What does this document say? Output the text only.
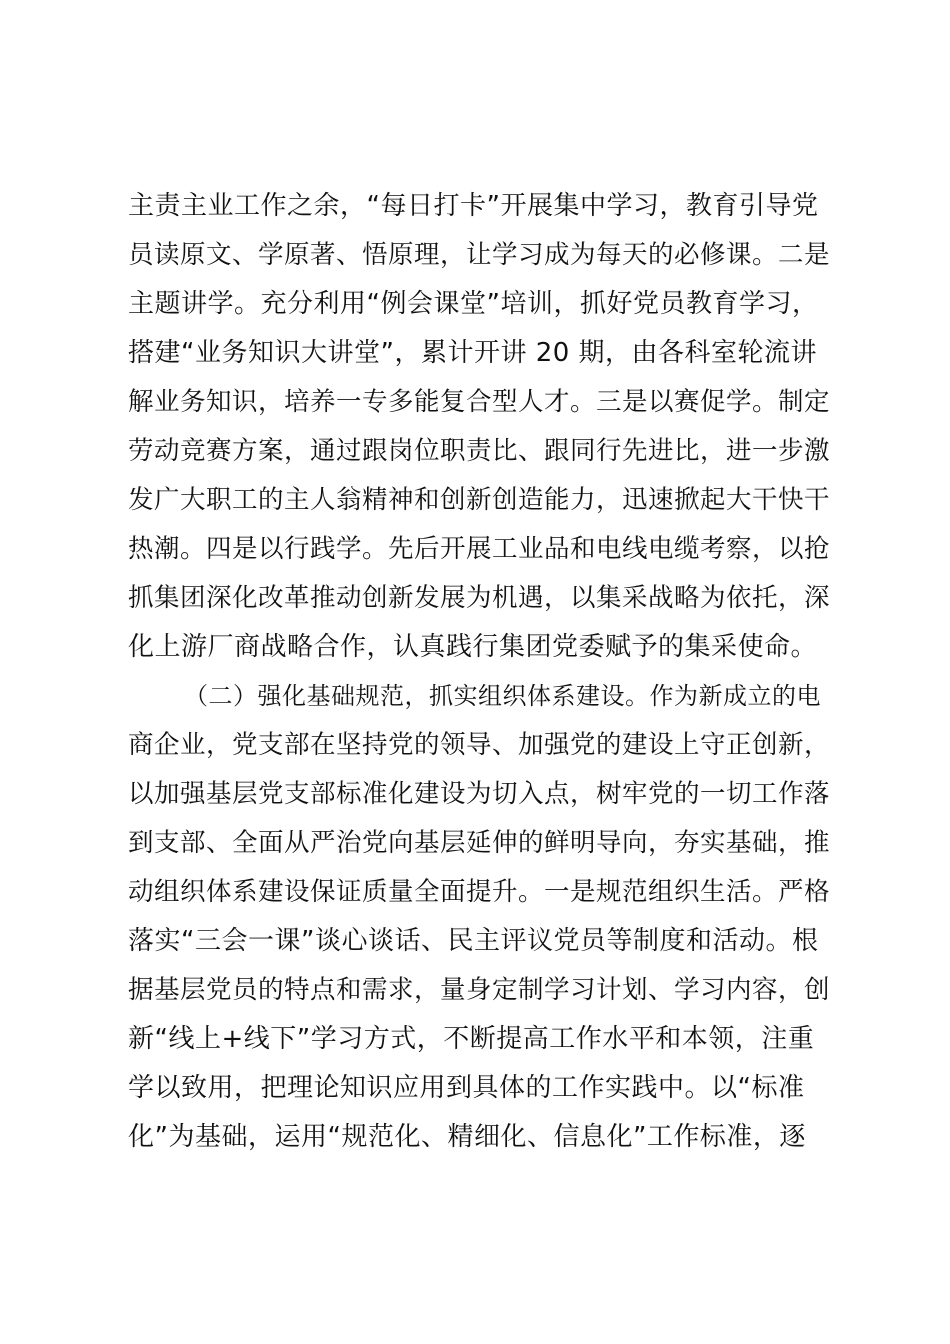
主责主业工作之余，“每日打卡”开展集中学习，教育引导党
员读原文、学原著、悟原理，让学习成为每天的必修课。二是
主题讲学。充分利用“例会课堂”培训，抓好党员教育学习，
搭建“业务知识大讲堂”，累计开讲 20 期，由各科室轮流讲
解业务知识，培养一专多能复合型人才。三是以赛促学。制定
劳动竞赛方案，通过跟岗位职责比、跟同行先进比，进一步激
发广大职工的主人翁精神和创新创造能力，迅速掀起大干快干
热潮。四是以行践学。先后开展工业品和电线电缆考察，以抢
抓集团深化改革推动创新发展为机遇，以集采战略为依托，深
化上游厂商战略合作，认真践行集团党委赋予的集采使命。
（二）强化基础规范，抓实组织体系建设。作为新成立的电
商企业，党支部在坚持党的领导、加强党的建设上守正创新，
以加强基层党支部标准化建设为切入点，树牢党的一切工作落
到支部、全面从严治党向基层延伸的鲜明导向，夯实基础，推
动组织体系建设保证质量全面提升。一是规范组织生活。严格
落实“三会一课”谈心谈话、民主评议党员等制度和活动。根
据基层党员的特点和需求，量身定制学习计划、学习内容，创
新“线上+线下”学习方式，不断提高工作水平和本领，注重
学以致用，把理论知识应用到具体的工作实践中。以“标准
化”为基础，运用“规范化、精细化、信息化”工作标准，逐
